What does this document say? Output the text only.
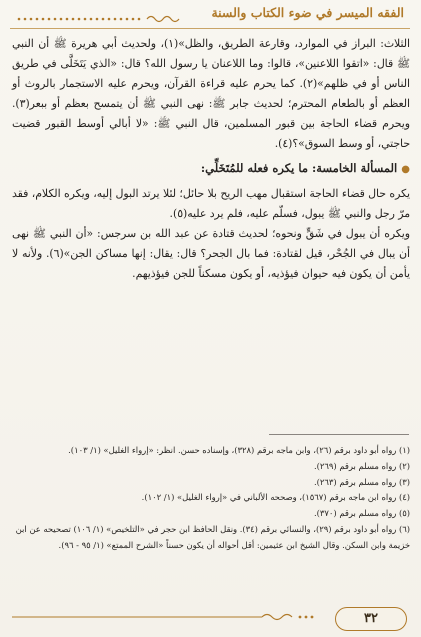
الفقه الميسر في ضوء الكتاب والسنة

الثلاث: البراز في الموارد، وقارعة الطريق، والظل»(١)، ولحديث أبي هريرة ﷺ أن النبي ﷺ قال: «اتقوا اللاعنين»، قالوا: وما اللاعنان يا رسول الله؟ قال: «الذي يَتَخَلَّى في طريق الناس أو في ظلهم»(٢). كما يحرم عليه قراءة القرآن، ويحرم عليه الاستجمار بالروث أو العظم أو بالطعام المحترم؛ لحديث جابر ﷺ: نهى النبي ﷺ أن يتمسح بعظم أو ببعر(٣). ويحرم قضاء الحاجة بين قبور المسلمين، قال النبي ﷺ: «لا أبالي أوسط القبور قضيت حاجتي، أو وسط السوق»؟(٤).

● المسألة الخامسة: ما يكره فعله للمُتَخَلِّي:

يكره حال قضاء الحاجة استقبال مهب الريح بلا حائل؛ لئلا يرتد البول إليه، ويكره الكلام، فقد مرّ رجل والنبي ﷺ يبول، فسلّم عليه، فلم يرد عليه(٥).

ويكره أن يبول في شَقٍّ ونحوه؛ لحديث قتادة عن عبد الله بن سرجس: «أن النبي ﷺ نهى أن يبال في الجُحْر، قيل لقتادة: فما بال الجحر؟ قال: يقال: إنها مساكن الجن»(٦). ولأنه لا يأمن أن يكون فيه حيوان فيؤذيه، أو يكون مسكناً للجن فيؤذيهم.

(١) رواه أبو داود برقم (٢٦)، وابن ماجه برقم (٣٢٨)، وإسناده حسن. انظر: «إرواء الغليل» (١/ ١٠٣).

(٢) رواه مسلم برقم (٢٦٩).

(٣) رواه مسلم برقم (٢٦٣).

(٤) رواه ابن ماجه برقم (١٥٦٧)، وصححه الألباني في «إرواء الغليل» (١/ ١٠٢).

(٥) رواه مسلم برقم (٣٧٠).

(٦) رواه أبو داود برقم (٢٩)، والنسائي برقم (٣٤). ونقل الحافظ ابن حجر في «التلخيص» (١/ ١٠٦) تصحيحه عن ابن خزيمة وابن السكن. وقال الشيخ ابن عثيمين: أقل أحواله أن يكون حسناً «الشرح الممتع» (١/ ٩٥ - ٩٦).

٣٢
